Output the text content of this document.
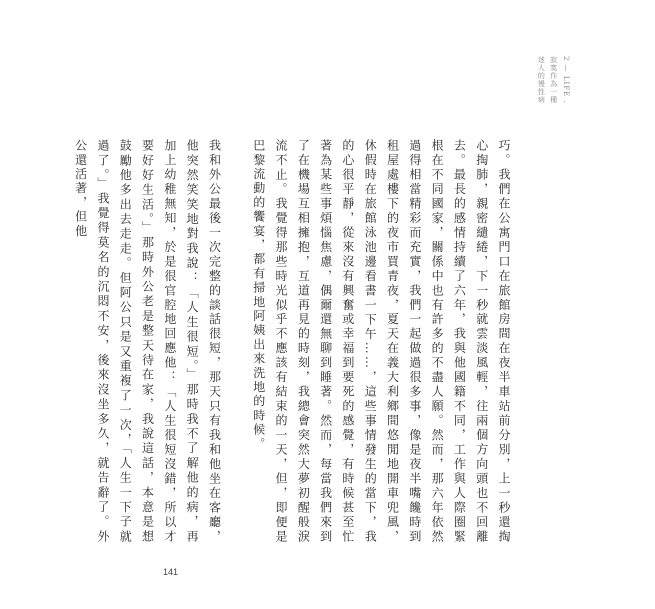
2 — LIFE .
寂寞作為一種
迷人的慢性病

巧。我們在公寓門口在旅館房間在夜半車站前分別，上一秒還掏心掏肺，親密繾綣，下一秒就雲淡風輕，往兩個方向頭也不回離去。最長的感情持續了六年，我與他國籍不同，工作與人際圈緊根在不同國家，關係中也有許多的不盡人願。然而，那六年依然過得相當精彩而充實，我們一起做過很多事，像是夜半嘴饞時到租屋處樓下的夜市買青夜，夏天在義大利鄉間悠閒地開車兜風，休假時在旅館泳池邊看書一下午……，這些事情發生的當下，我的心很平靜，從來沒有興奮或幸福到要死的感覺，有時候甚至忙著為某些事煩惱焦慮，偶爾還無聊到睡著。然而，每當我們來到了在機場互相擁抱，互道再見的時刻，我總會突然大夢初醒般淚流不止。我覺得那些時光似乎不應該有結束的一天，但，即便是巴黎流動的饗宴，都有掃地阿姨出來洗地的時候。

我和外公最後一次完整的談話很短，那天只有我和他坐在客廳，他突然笑笑地對我說：「人生很短。」那時我不了解他的病，再加上幼稚無知，於是很官腔地回應他：「人生很短沒錯，所以才要好好生活。」那時外公老是整天待在家，我說這話，本意是想鼓勵他多出去走走。但阿公只是又重複了一次，「人生一下子就過了。」我覺得莫名的沉悶不安，後來沒坐多久，就告辭了。外公還活著，但他

141
